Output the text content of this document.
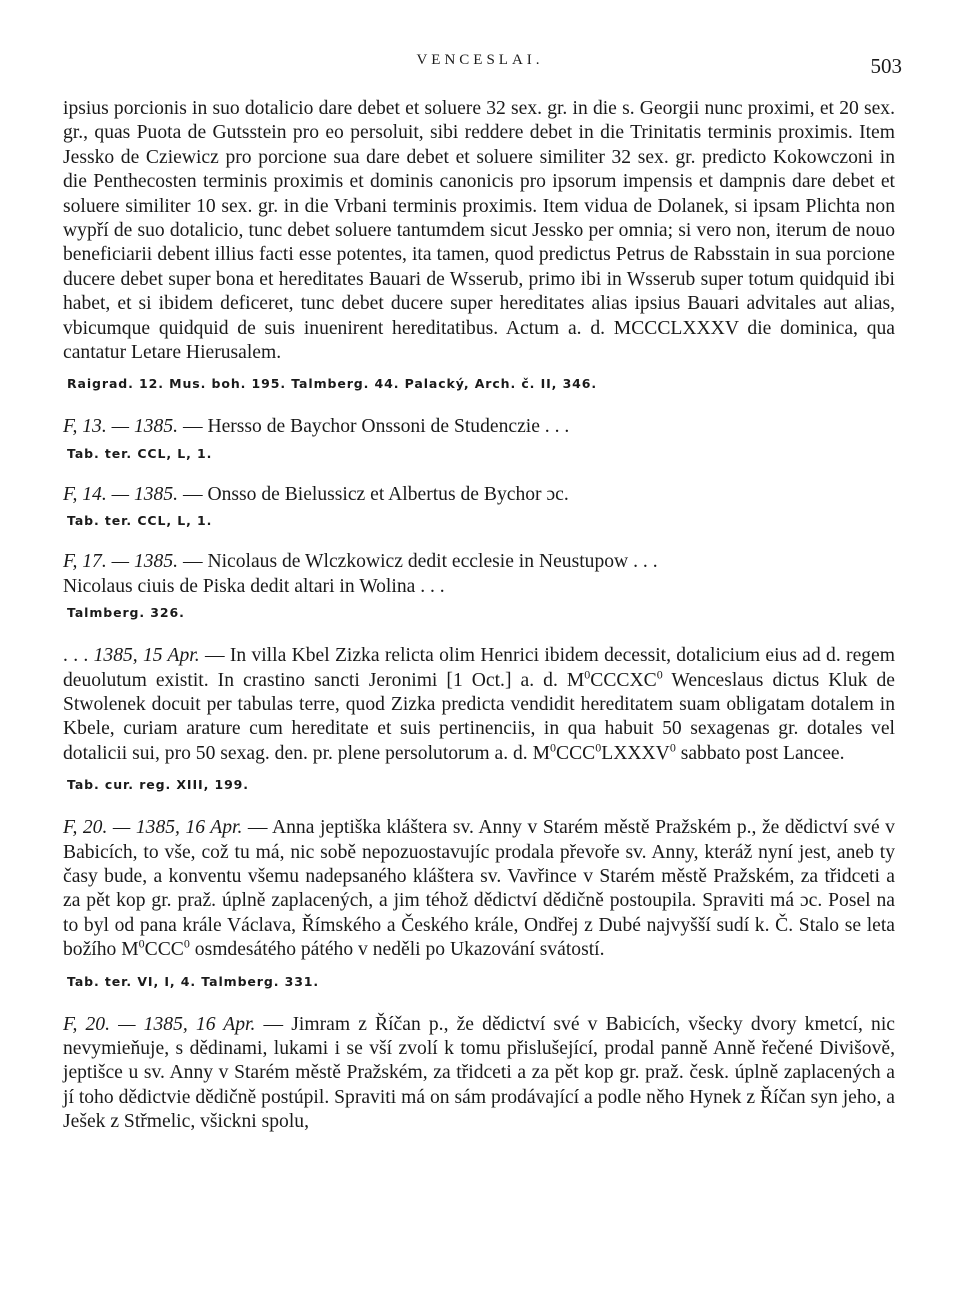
VENCESLAI.	503

ipsius porcionis in suo dotalicio dare debet et soluere 32 sex. gr. in die s. Georgii nunc proximi, et 20 sex. gr., quas Puota de Gutsstein pro eo persoluit, sibi reddere debet in die Trinitatis terminis proximis. Item Jessko de Cziewicz pro porcione sua dare debet et soluere similiter 32 sex. gr. predicto Kokowczoni in die Penthecosten terminis proximis et dominis canonicis pro ipsorum impensis et dampnis dare debet et soluere similiter 10 sex. gr. in die Vrbani terminis proximis. Item vidua de Dolanek, si ipsam Plichta non wypří de suo dotalicio, tunc debet soluere tantumdem sicut Jessko per omnia; si vero non, iterum de nouo beneficiarii debent illius facti esse potentes, ita tamen, quod predictus Petrus de Rabsstain in sua porcione ducere debet super bona et hereditates Bauari de Wsserub, primo ibi in Wsserub super totum quidquid ibi habet, et si ibidem deficeret, tunc debet ducere super hereditates alias ipsius Bauari advitales aut alias, vbicumque quidquid de suis inuenirent hereditatibus. Actum a. d. MCCCLXXXV die dominica, qua cantatur Letare Hierusalem.

Raigrad. 12. Mus. boh. 195. Talmberg. 44. Palacký, Arch. č. II, 346.

F, 13. — 1385. — Hersso de Baychor Onssoni de Studenczie . . .

Tab. ter. CCL, L, 1.

F, 14. — 1385. — Onsso de Bielussicz et Albertus de Bychor ɔc.

Tab. ter. CCL, L, 1.

F, 17. — 1385. — Nicolaus de Wlczkowicz dedit ecclesie in Neustupow . . .

Nicolaus ciuis de Piska dedit altari in Wolina . . .

Talmberg. 326.

. . . 1385, 15 Apr. — In villa Kbel Zizka relicta olim Henrici ibidem decessit, dotalicium eius ad d. regem deuolutum existit. In crastino sancti Jeronimi [1 Oct.] a. d. $M^0CCCXC^0$ Wenceslaus dictus Kluk de Stwolenek docuit per tabulas terre, quod Zizka predicta vendidit hereditatem suam obligatam dotalem in Kbele, curiam arature cum hereditate et suis pertinenciis, in qua habuit 50 sexagenas gr. dotales vel dotalicii sui, pro 50 sexag. den. pr. plene persolutorum a. d. $M^0CCC^0LXXXV^0$ sabbato post Lancee.

Tab. cur. reg. XIII, 199.

F, 20. — 1385, 16 Apr. — Anna jeptiška kláštera sv. Anny v Starém městě Pražském p., že dědictví své v Babicích, to vše, což tu má, nic sobě nepozuostavujíc prodala převoře sv. Anny, kteráž nyní jest, aneb ty časy bude, a konventu všemu nadepsaného kláštera sv. Vavřince v Starém městě Pražském, za třidceti a za pět kop gr. praž. úplně zaplacených, a jim téhož dědictví dědičně postoupila. Spraviti má ɔc. Posel na to byl od pana krále Václava, Římského a Českého krále, Ondřej z Dubé najvyšší sudí k. Č. Stalo se leta božího $M^0CCC^0$ osmdesátého pátého v neděli po Ukazování svátostí.

Tab. ter. VI, I, 4. Talmberg. 331.

F, 20. — 1385, 16 Apr. — Jimram z Říčan p., že dědictví své v Babicích, všecky dvory kmetcí, nic nevymieňuje, s dědinami, lukami i se vší zvolí k tomu přislušející, prodal panně Anně řečené Divišově, jeptišce u sv. Anny v Starém městě Pražském, za třidceti a za pět kop gr. praž. česk. úplně zaplacených a jí toho dědictvie dědičně postúpil. Spraviti má on sám prodávající a podle něho Hynek z Říčan syn jeho, a Ješek z Střmelic, všickni spolu,
